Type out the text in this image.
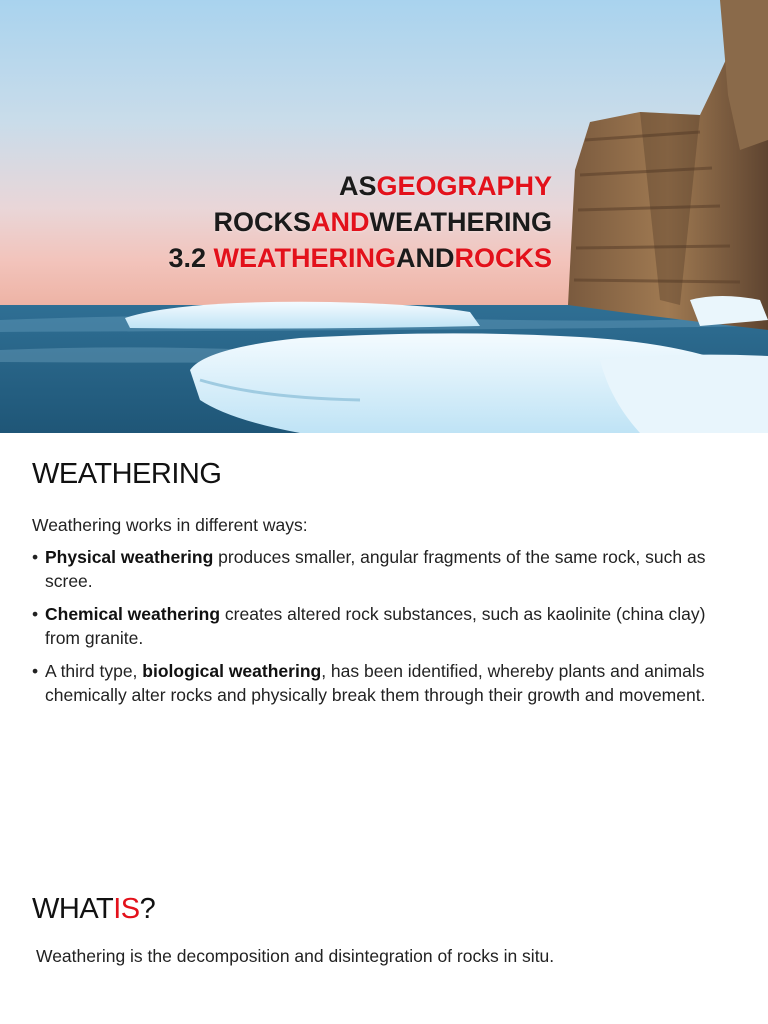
ASGEOGRAPHY
ROCKSANDWEATHERING
3.2 WEATHERINGANDROCKS
WEATHERING

Weathering works in different ways:

• Physical weathering produces smaller, angular fragments of the same rock, such as scree.
• Chemical weathering creates altered rock substances, such as kaolinite (china clay) from granite.
• A third type, biological weathering, has been identified, whereby plants and animals chemically alter rocks and physically break them through their growth and movement.
WHATIS?

Weathering is the decomposition and disintegration of rocks in situ.
